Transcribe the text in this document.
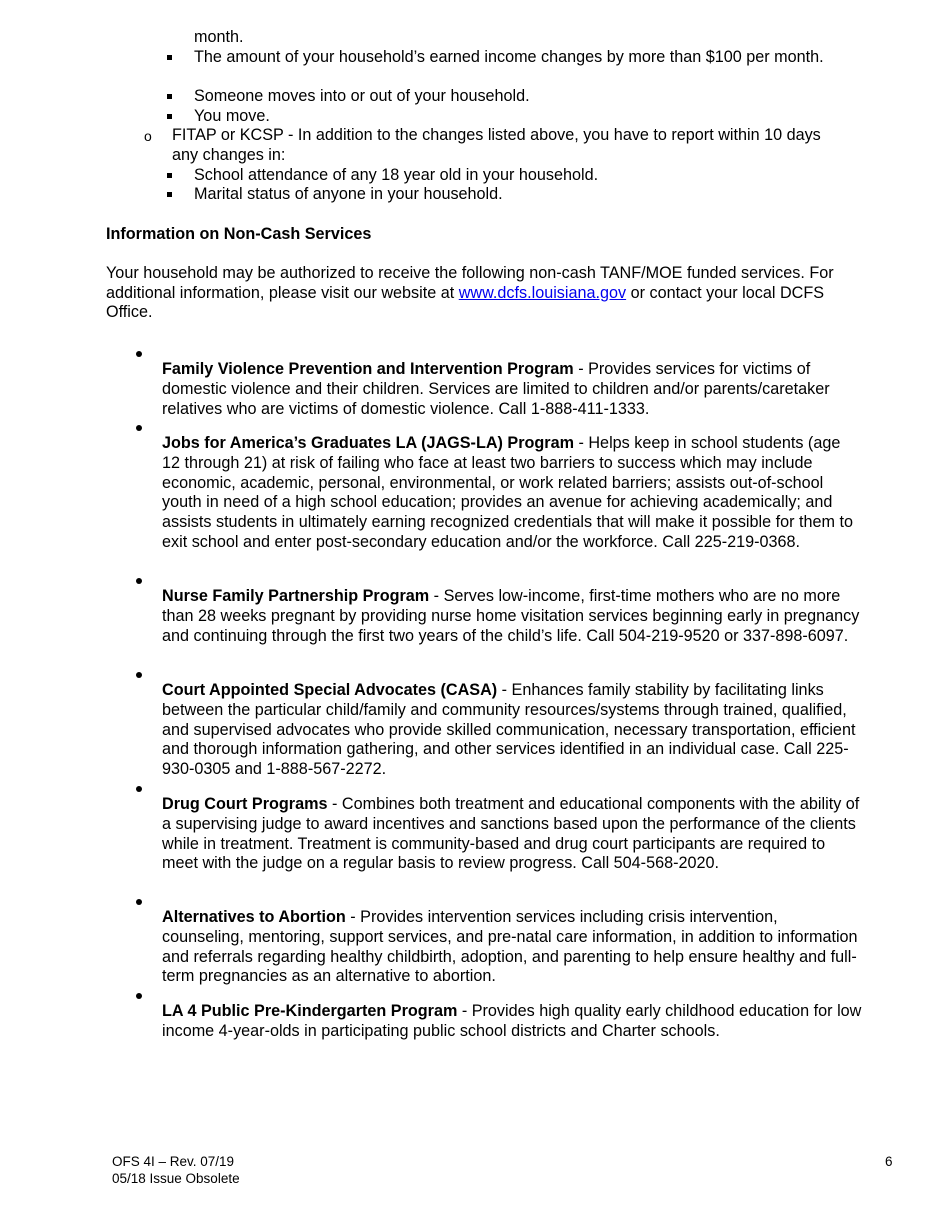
month.
The amount of your household’s earned income changes by more than $100 per month.
Someone moves into or out of your household.
You move.
o FITAP or KCSP - In addition to the changes listed above, you have to report within 10 days any changes in:
School attendance of any 18 year old in your household.
Marital status of anyone in your household.
Information on Non-Cash Services
Your household may be authorized to receive the following non-cash TANF/MOE funded services. For additional information, please visit our website at www.dcfs.louisiana.gov or contact your local DCFS Office.

Family Violence Prevention and Intervention Program - Provides services for victims of domestic violence and their children. Services are limited to children and/or parents/caretaker relatives who are victims of domestic violence. Call 1-888-411-1333.

Jobs for America’s Graduates LA (JAGS-LA) Program - Helps keep in school students (age 12 through 21) at risk of failing who face at least two barriers to success which may include economic, academic, personal, environmental, or work related barriers; assists out-of-school youth in need of a high school education; provides an avenue for achieving academically; and assists students in ultimately earning recognized credentials that will make it possible for them to exit school and enter post-secondary education and/or the workforce. Call 225-219-0368.

Nurse Family Partnership Program - Serves low-income, first-time mothers who are no more than 28 weeks pregnant by providing nurse home visitation services beginning early in pregnancy and continuing through the first two years of the child’s life. Call 504-219-9520 or 337-898-6097.

Court Appointed Special Advocates (CASA) - Enhances family stability by facilitating links between the particular child/family and community resources/systems through trained, qualified, and supervised advocates who provide skilled communication, necessary transportation, efficient and thorough information gathering, and other services identified in an individual case. Call 225-930-0305 and 1-888-567-2272.

Drug Court Programs - Combines both treatment and educational components with the ability of a supervising judge to award incentives and sanctions based upon the performance of the clients while in treatment. Treatment is community-based and drug court participants are required to meet with the judge on a regular basis to review progress. Call 504-568-2020.

Alternatives to Abortion - Provides intervention services including crisis intervention, counseling, mentoring, support services, and pre-natal care information, in addition to information and referrals regarding healthy childbirth, adoption, and parenting to help ensure healthy and full-term pregnancies as an alternative to abortion.

LA 4 Public Pre-Kindergarten Program - Provides high quality early childhood education for low income 4-year-olds in participating public school districts and Charter schools.

OFS 4I – Rev. 07/19
05/18 Issue Obsolete
6
